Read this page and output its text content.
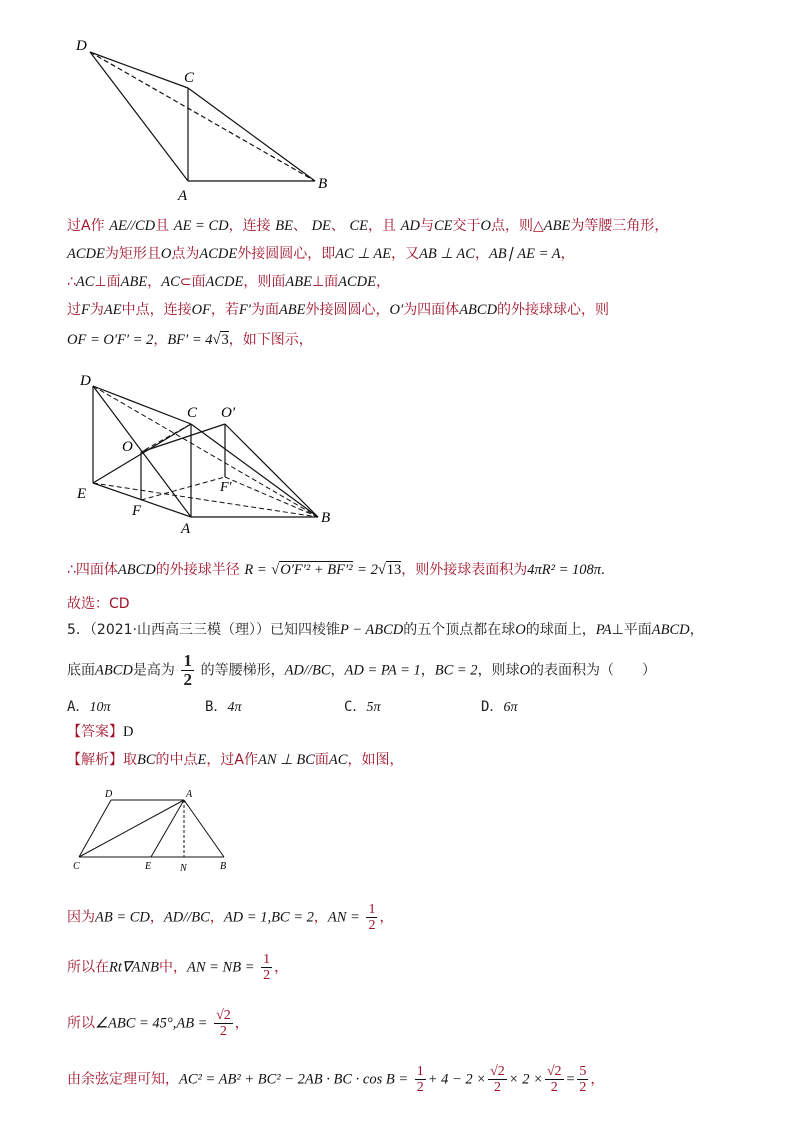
D
C
A
B
过A作 AE//CD且 AE = CD，连接 BE、 DE、 CE，且 AD与CE交于O点，则△ABE为等腰三角形，
ACDE为矩形且O点为ACDE外接圆圆心，即AC ⊥ AE，又AB ⊥ AC，AB∣ AE = A，
∴AC⊥面ABE，AC⊂面ACDE，则面ABE⊥面ACDE，
过F为AE中点，连接OF，若F′为面ABE外接圆圆心，O′为四面体ABCD的外接球球心，则
OF = O′F′ = 2，BF′ = 4√3，如下图示，
D
C O′
O
F′
E
F
A
B
∴四面体ABCD的外接球半径 R = √O′F′² + BF′² = 2√13，则外接球表面积为4πR² = 108π.
故选：CD
5．（2021·山西高三三模（理））已知四棱锥P − ABCD的五个顶点都在球O的球面上，PA⊥平面ABCD，
底面ABCD是高为 $\frac{1}{2}$ 的等腰梯形，AD//BC，AD = PA = 1，BC = 2，则球O的表面积为（　　）
A．10π	B．4π	C．5π	D．6π
【答案】D
【解析】取BC的中点E，过A作AN ⊥ BC面AC，如图，
D	A
C	E	N	B
因为AB = CD，AD//BC，AD = 1,BC = 2，AN = $\frac{1}{2}$ ，
所以在Rt∇ANB中，AN = NB = $\frac{1}{2}$ ，
所以∠ABC = $45^\circ,AB = \frac{√2}{2}$ ，
由余弦定理可知，AC² = AB² + BC² − 2AB · BC · $\cos B = \frac{1}{2} + 4 - 2 \times \frac{√2}{2} \times 2 \times \frac{√2}{2} = \frac{5}{2}$ ，
